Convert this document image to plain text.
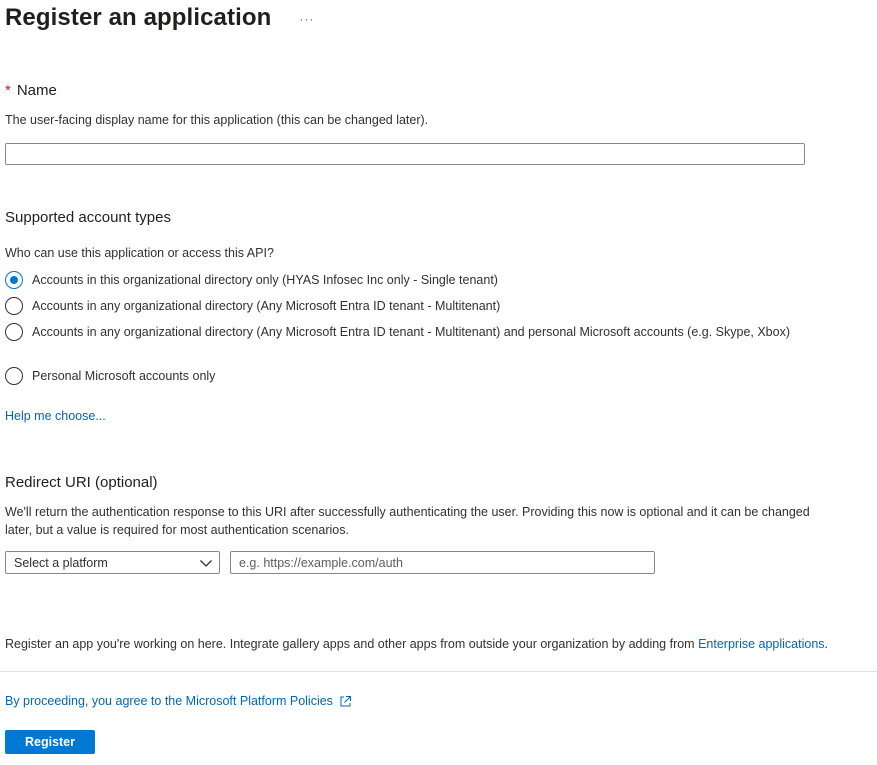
Register an application ···
* Name
The user-facing display name for this application (this can be changed later).
Supported account types
Who can use this application or access this API?
Accounts in this organizational directory only (HYAS Infosec Inc only - Single tenant)
Accounts in any organizational directory (Any Microsoft Entra ID tenant - Multitenant)
Accounts in any organizational directory (Any Microsoft Entra ID tenant - Multitenant) and personal Microsoft accounts (e.g. Skype, Xbox)
Personal Microsoft accounts only
Help me choose...
Redirect URI (optional)
We'll return the authentication response to this URI after successfully authenticating the user. Providing this now is optional and it can be changed later, but a value is required for most authentication scenarios.
Select a platform
e.g. https://example.com/auth
Register an app you're working on here. Integrate gallery apps and other apps from outside your organization by adding from Enterprise applications.
By proceeding, you agree to the Microsoft Platform Policies
Register
